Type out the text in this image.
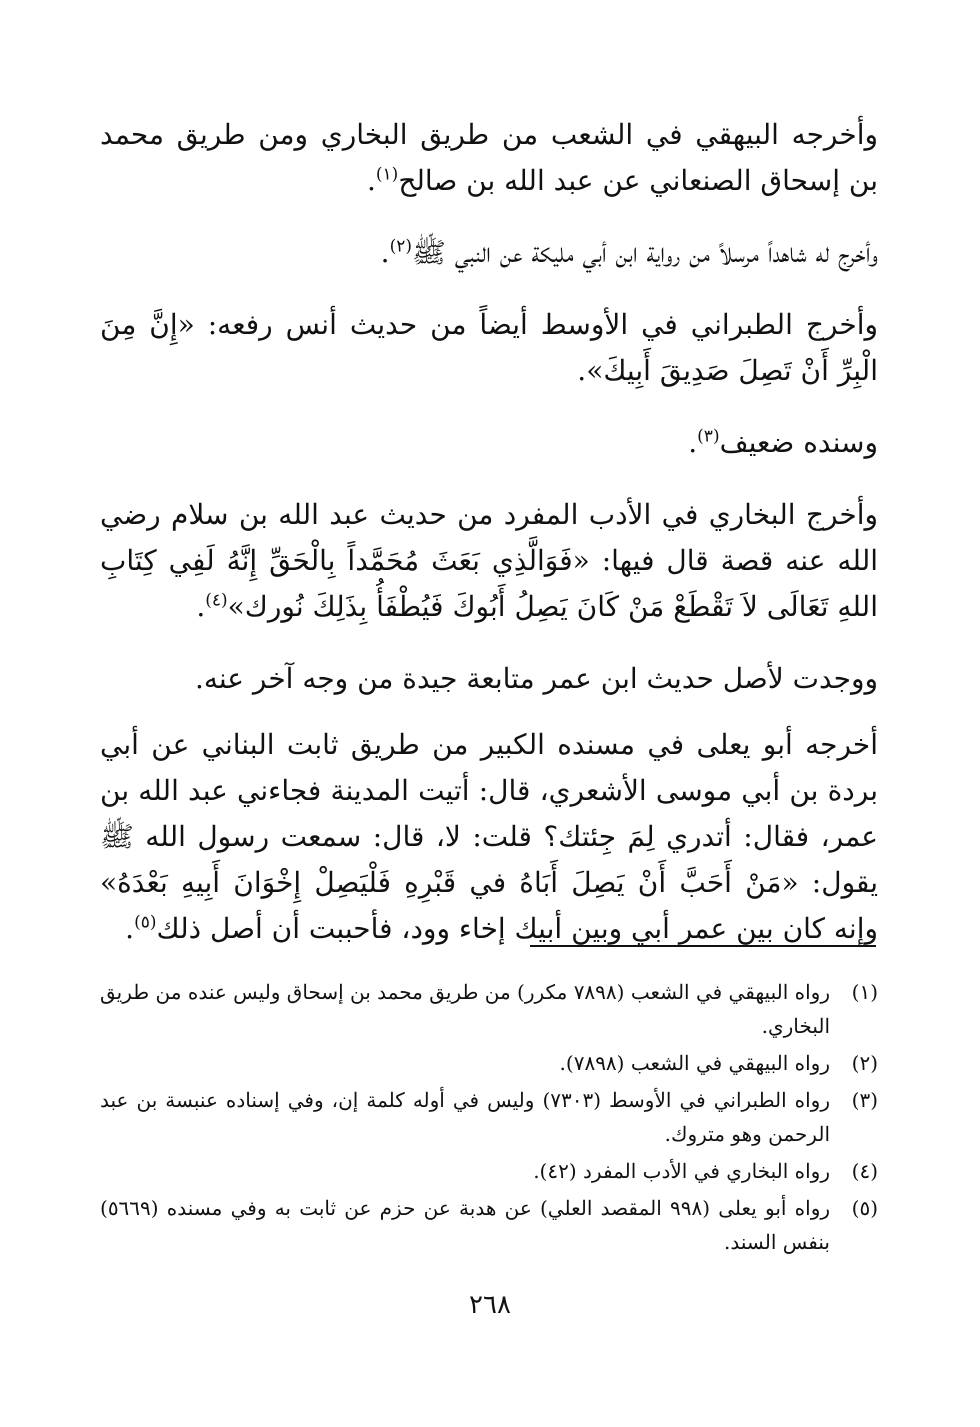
وأخرجه البيهقي في الشعب من طريق البخاري ومن طريق محمد بن إسحاق الصنعاني عن عبد الله بن صالح$^{(١)}$.

وأخرج له شاهداً مرسلاً من رواية ابن أبي مليكة عن النبي ﷺ$^{(٢)}$.

وأخرج الطبراني في الأوسط أيضاً من حديث أنس رفعه: «إِنَّ مِنَ الْبِرِّ أَنْ تَصِلَ صَدِيقَ أَبِيكَ».

وسنده ضعيف$^{(٣)}$.

وأخرج البخاري في الأدب المفرد من حديث عبد الله بن سلام رضي الله عنه قصة قال فيها: «فَوَالَّذِي بَعَثَ مُحَمَّداً بِالْحَقِّ إِنَّهُ لَفِي كِتَابِ اللهِ تَعَالَى لاَ تَقْطَعْ مَنْ كَانَ يَصِلُ أَبُوكَ فَيُطْفَأُ بِذَلِكَ نُورك»$^{(٤)}$.

ووجدت لأصل حديث ابن عمر متابعة جيدة من وجه آخر عنه.

أخرجه أبو يعلى في مسنده الكبير من طريق ثابت البناني عن أبي بردة بن أبي موسى الأشعري، قال: أتيت المدينة فجاءني عبد الله بن عمر، فقال: أتدري لِمَ جِئتك؟ قلت: لا، قال: سمعت رسول الله ﷺ يقول: «مَنْ أَحَبَّ أَنْ يَصِلَ أَبَاهُ في قَبْرِهِ فَلْيَصِلْ إِخْوَانَ أَبِيهِ بَعْدَهُ» وإنه كان بين عمر أبي وبين أبيك إخاء وود، فأحببت أن أصل ذلك$^{(٥)}$.

(١)
رواه البيهقي في الشعب (٧٨٩٨ مكرر) من طريق محمد بن إسحاق وليس عنده من طريق البخاري.
(٢)
رواه البيهقي في الشعب (٧٨٩٨).
(٣)
رواه الطبراني في الأوسط (٧٣٠٣) وليس في أوله كلمة إن، وفي إسناده عنبسة بن عبد الرحمن وهو متروك.
(٤)
رواه البخاري في الأدب المفرد (٤٢).
(٥)
رواه أبو يعلى (٩٩٨ المقصد العلي) عن هدبة عن حزم عن ثابت به وفي مسنده (٥٦٦٩) بنفس السند.
٢٦٨
